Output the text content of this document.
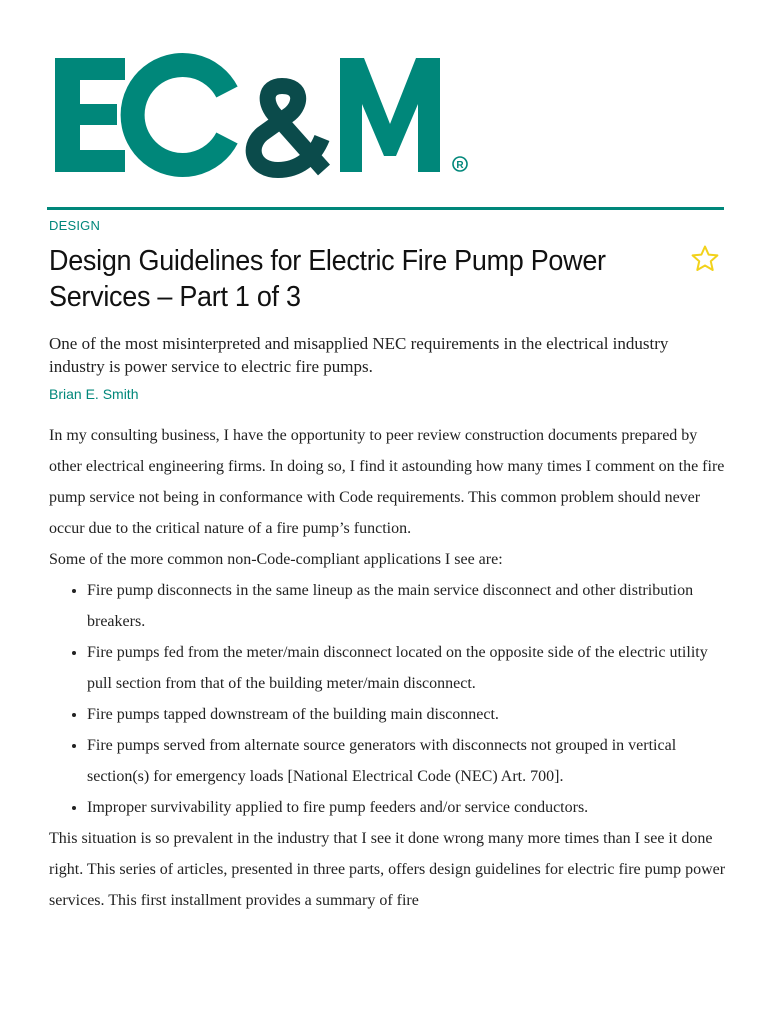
R
DESIGN
Design Guidelines for Electric Fire Pump Power Services – Part 1 of 3

One of the most misinterpreted and misapplied NEC requirements in the electrical industry industry is power service to electric fire pumps.

Brian E. Smith

In my consulting business, I have the opportunity to peer review construction documents prepared by other electrical engineering firms. In doing so, I find it astounding how many times I comment on the fire pump service not being in conformance with Code requirements. This common problem should never occur due to the critical nature of a fire pump’s function.

Some of the more common non-Code-compliant applications I see are:

• Fire pump disconnects in the same lineup as the main service disconnect and other distribution breakers.
• Fire pumps fed from the meter/main disconnect located on the opposite side of the electric utility pull section from that of the building meter/main disconnect.
• Fire pumps tapped downstream of the building main disconnect.
• Fire pumps served from alternate source generators with disconnects not grouped in vertical section(s) for emergency loads [National Electrical Code (NEC) Art. 700].
• Improper survivability applied to fire pump feeders and/or service conductors.

This situation is so prevalent in the industry that I see it done wrong many more times than I see it done right. This series of articles, presented in three parts, offers design guidelines for electric fire pump power services. This first installment provides a summary of fire
